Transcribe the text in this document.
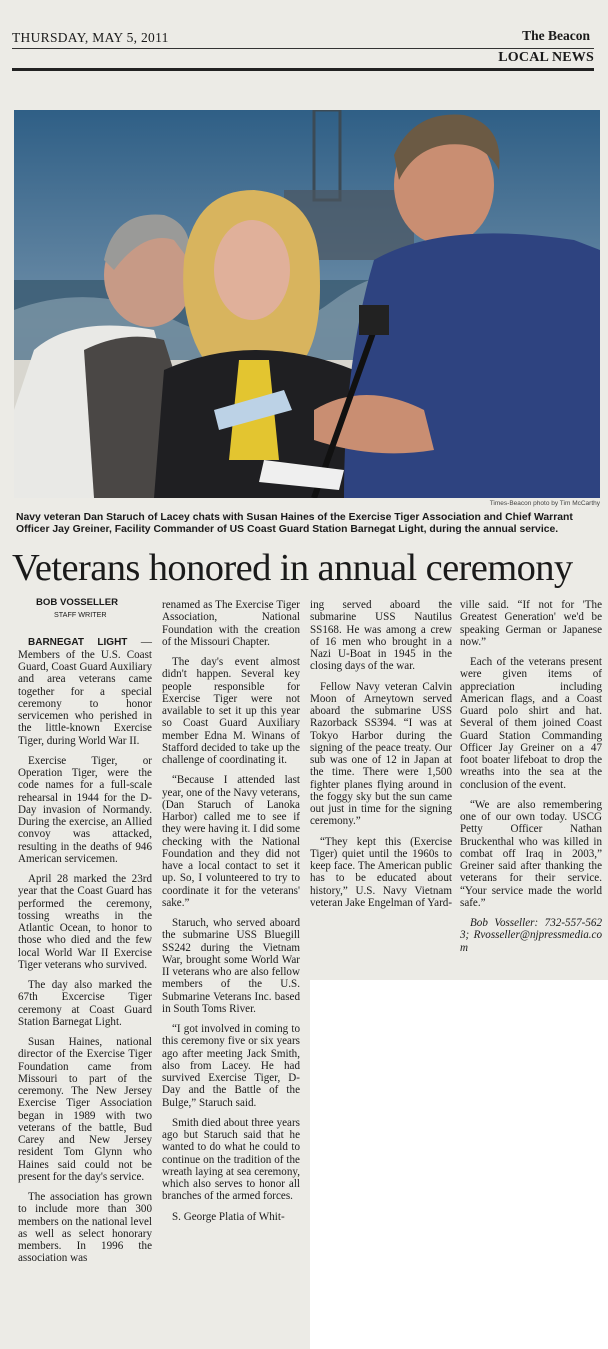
THURSDAY, MAY 5, 2011	The Beacon
LOCAL NEWS
Times-Beacon photo by Tim McCarthy
Navy veteran Dan Staruch of Lacey chats with Susan Haines of the Exercise Tiger Association and Chief Warrant Officer Jay Greiner, Facility Commander of US Coast Guard Station Barnegat Light, during the annual service.
Veterans honored in annual ceremony
BOB VOSSELLER
STAFF WRITER

BARNEGAT LIGHT — Members of the U.S. Coast Guard, Coast Guard Auxiliary and area veterans came together for a special ceremony to honor servicemen who perished in the little-known Exercise Tiger, during World War II.

Exercise Tiger, or Operation Tiger, were the code names for a full-scale rehearsal in 1944 for the D-Day invasion of Normandy. During the exercise, an Allied convoy was attacked, resulting in the deaths of 946 American servicemen.

April 28 marked the 23rd year that the Coast Guard has performed the ceremony, tossing wreaths in the Atlantic Ocean, to honor to those who died and the few local World War II Exercise Tiger veterans who survived.

The day also marked the 67th Excercise Tiger ceremony at Coast Guard Station Barnegat Light.

Susan Haines, national director of the Exercise Tiger Foundation came from Missouri to part of the ceremony. The New Jersey Exercise Tiger Association began in 1989 with two veterans of the battle, Bud Carey and New Jersey resident Tom Glynn who Haines said could not be present for the day's service.

The association has grown to include more than 300 members on the national level as well as select honorary members. In 1996 the association was

renamed as The Exercise Tiger Association, National Foundation with the creation of the Missouri Chapter.

The day's event almost didn't happen. Several key people responsible for Exercise Tiger were not available to set it up this year so Coast Guard Auxiliary member Edna M. Winans of Stafford decided to take up the challenge of coordinating it.

“Because I attended last year, one of the Navy veterans, (Dan Staruch of Lanoka Harbor) called me to see if they were having it. I did some checking with the National Foundation and they did not have a local contact to set it up. So, I volunteered to try to coordinate it for the veterans' sake.”

Staruch, who served aboard the submarine USS Bluegill SS242 during the Vietnam War, brought some World War II veterans who are also fellow members of the U.S. Submarine Veterans Inc. based in South Toms River.

“I got involved in coming to this ceremony five or six years ago after meeting Jack Smith, also from Lacey. He had survived Exercise Tiger, D-Day and the Battle of the Bulge,” Staruch said.

Smith died about three years ago but Staruch said that he wanted to do what he could to continue on the tradition of the wreath laying at sea ceremony, which also serves to honor all branches of the armed forces.

S. George Platia of Whit-

ing served aboard the submarine USS Nautilus SS168. He was among a crew of 16 men who brought in a Nazi U-Boat in 1945 in the closing days of the war.

Fellow Navy veteran Calvin Moon of Arneytown served aboard the submarine USS Razorback SS394. “I was at Tokyo Harbor during the signing of the peace treaty. Our sub was one of 12 in Japan at the time. There were 1,500 fighter planes flying around in the foggy sky but the sun came out just in time for the signing ceremony.”

“They kept this (Exercise Tiger) quiet until the 1960s to keep face. The American public has to be educated about history,” U.S. Navy Vietnam veteran Jake Engelman of Yard-

ville said. “If not for 'The Greatest Generation' we'd be speaking German or Japanese now.”

Each of the veterans present were given items of appreciation including American flags, and a Coast Guard polo shirt and hat. Several of them joined Coast Guard Station Commanding Officer Jay Greiner on a 47 foot boater lifeboat to drop the wreaths into the sea at the conclusion of the event.

“We are also remembering one of our own today. USCG Petty Officer Nathan Bruckenthal who was killed in combat off Iraq in 2003,” Greiner said after thanking the veterans for their service. “Your service made the world safe.”

Bob Vosseller: 732-557-5623; Rvosseller@njpressmedia.com
